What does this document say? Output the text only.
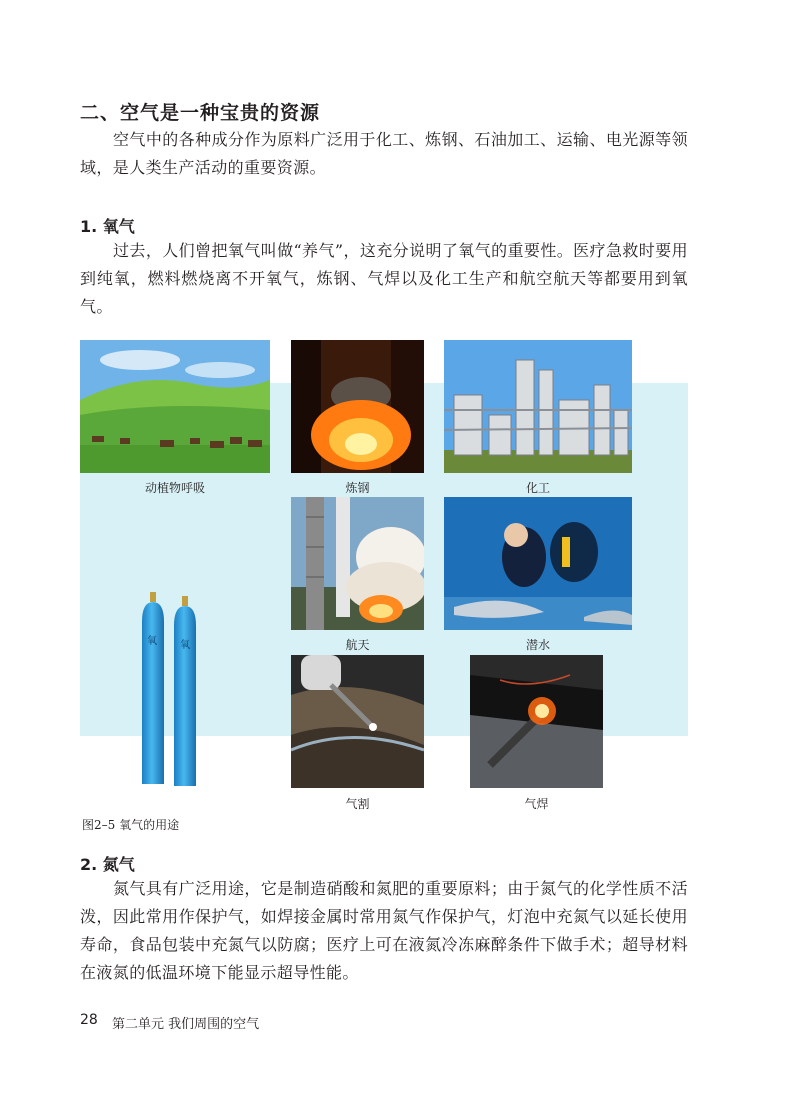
二、空气是一种宝贵的资源
空气中的各种成分作为原料广泛用于化工、炼钢、石油加工、运输、电光源等领域，是人类生产活动的重要资源。
1. 氧气
过去，人们曾把氧气叫做“养气”，这充分说明了氧气的重要性。医疗急救时要用到纯氧，燃料燃烧离不开氧气，炼钢、气焊以及化工生产和航空航天等都要用到氧气。
动植物呼吸	炼钢	化工
航天	潜水
气割	气焊
氧 氧
图2–5 氧气的用途
2. 氮气
氮气具有广泛用途，它是制造硝酸和氮肥的重要原料；由于氮气的化学性质不活泼，因此常用作保护气，如焊接金属时常用氮气作保护气，灯泡中充氮气以延长使用寿命，食品包装中充氮气以防腐；医疗上可在液氮冷冻麻醉条件下做手术；超导材料在液氮的低温环境下能显示超导性能。
28 第二单元 我们周围的空气
